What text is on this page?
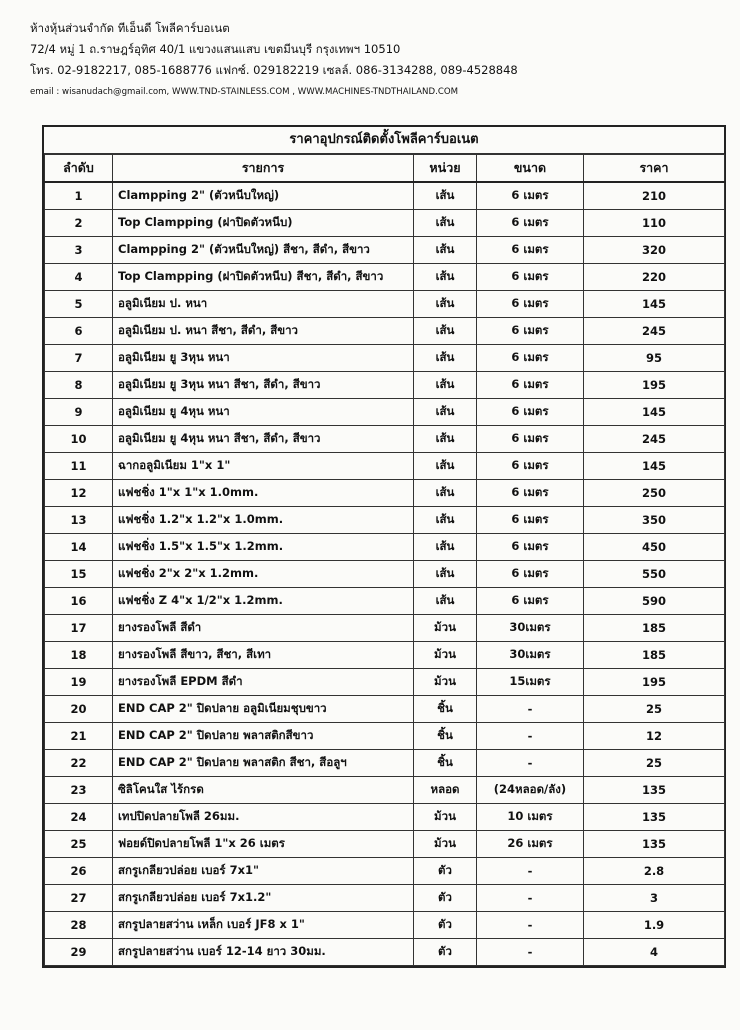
ห้างหุ้นส่วนจำกัด ทีเอ็นดี โพลีคาร์บอเนต
72/4 หมู่ 1 ถ.ราษฎร์อุทิศ 40/1 แขวงแสนแสบ เขตมีนบุรี กรุงเทพฯ 10510
โทร. 02-9182217, 085-1688776 แฟกซ์. 029182219 เซลล์. 086-3134288, 089-4528848
email : wisanudach@gmail.com, WWW.TND-STAINLESS.COM , WWW.MACHINES-TNDTHAILAND.COM
ราคาอุปกรณ์ติดตั้งโพลีคาร์บอเนต
ลำดับ	รายการ	หน่วย	ขนาด	ราคา
1	Clampping 2" (ตัวหนีบใหญ่)	เส้น	6 เมตร	210
2	Top Clampping (ฝาปิดตัวหนีบ)	เส้น	6 เมตร	110
3	Clampping 2" (ตัวหนีบใหญ่) สีชา, สีดำ, สีขาว	เส้น	6 เมตร	320
4	Top Clampping (ฝาปิดตัวหนีบ) สีชา, สีดำ, สีขาว	เส้น	6 เมตร	220
5	อลูมิเนียม ป. หนา	เส้น	6 เมตร	145
6	อลูมิเนียม ป. หนา สีชา, สีดำ, สีขาว	เส้น	6 เมตร	245
7	อลูมิเนียม ยู 3หุน หนา	เส้น	6 เมตร	95
8	อลูมิเนียม ยู 3หุน หนา สีชา, สีดำ, สีขาว	เส้น	6 เมตร	195
9	อลูมิเนียม ยู 4หุน หนา	เส้น	6 เมตร	145
10	อลูมิเนียม ยู 4หุน หนา สีชา, สีดำ, สีขาว	เส้น	6 เมตร	245
11	ฉากอลูมิเนียม 1"x 1"	เส้น	6 เมตร	145
12	แฟชชิ่ง 1"x 1"x 1.0mm.	เส้น	6 เมตร	250
13	แฟชชิ่ง 1.2"x 1.2"x 1.0mm.	เส้น	6 เมตร	350
14	แฟชชิ่ง 1.5"x 1.5"x 1.2mm.	เส้น	6 เมตร	450
15	แฟชชิ่ง 2"x 2"x 1.2mm.	เส้น	6 เมตร	550
16	แฟชชิ่ง Z 4"x 1/2"x 1.2mm.	เส้น	6 เมตร	590
17	ยางรองโพลี สีดำ	ม้วน	30เมตร	185
18	ยางรองโพลี สีขาว, สีชา, สีเทา	ม้วน	30เมตร	185
19	ยางรองโพลี EPDM สีดำ	ม้วน	15เมตร	195
20	END CAP 2" ปิดปลาย อลูมิเนียมชุบขาว	ชิ้น	-	25
21	END CAP 2" ปิดปลาย พลาสติกสีขาว	ชิ้น	-	12
22	END CAP 2" ปิดปลาย พลาสติก สีชา, สีอลูฯ	ชิ้น	-	25
23	ซิลิโคนใส ไร้กรด	หลอด	(24หลอด/ลัง)	135
24	เทปปิดปลายโพลี 26มม.	ม้วน	10 เมตร	135
25	ฟอยด์ปิดปลายโพลี 1"x 26 เมตร	ม้วน	26 เมตร	135
26	สกรูเกลียวปล่อย เบอร์ 7x1"	ตัว	-	2.8
27	สกรูเกลียวปล่อย เบอร์ 7x1.2"	ตัว	-	3
28	สกรูปลายสว่าน เหล็ก เบอร์ JF8 x 1"	ตัว	-	1.9
29	สกรูปลายสว่าน เบอร์ 12-14 ยาว 30มม.	ตัว	-	4
